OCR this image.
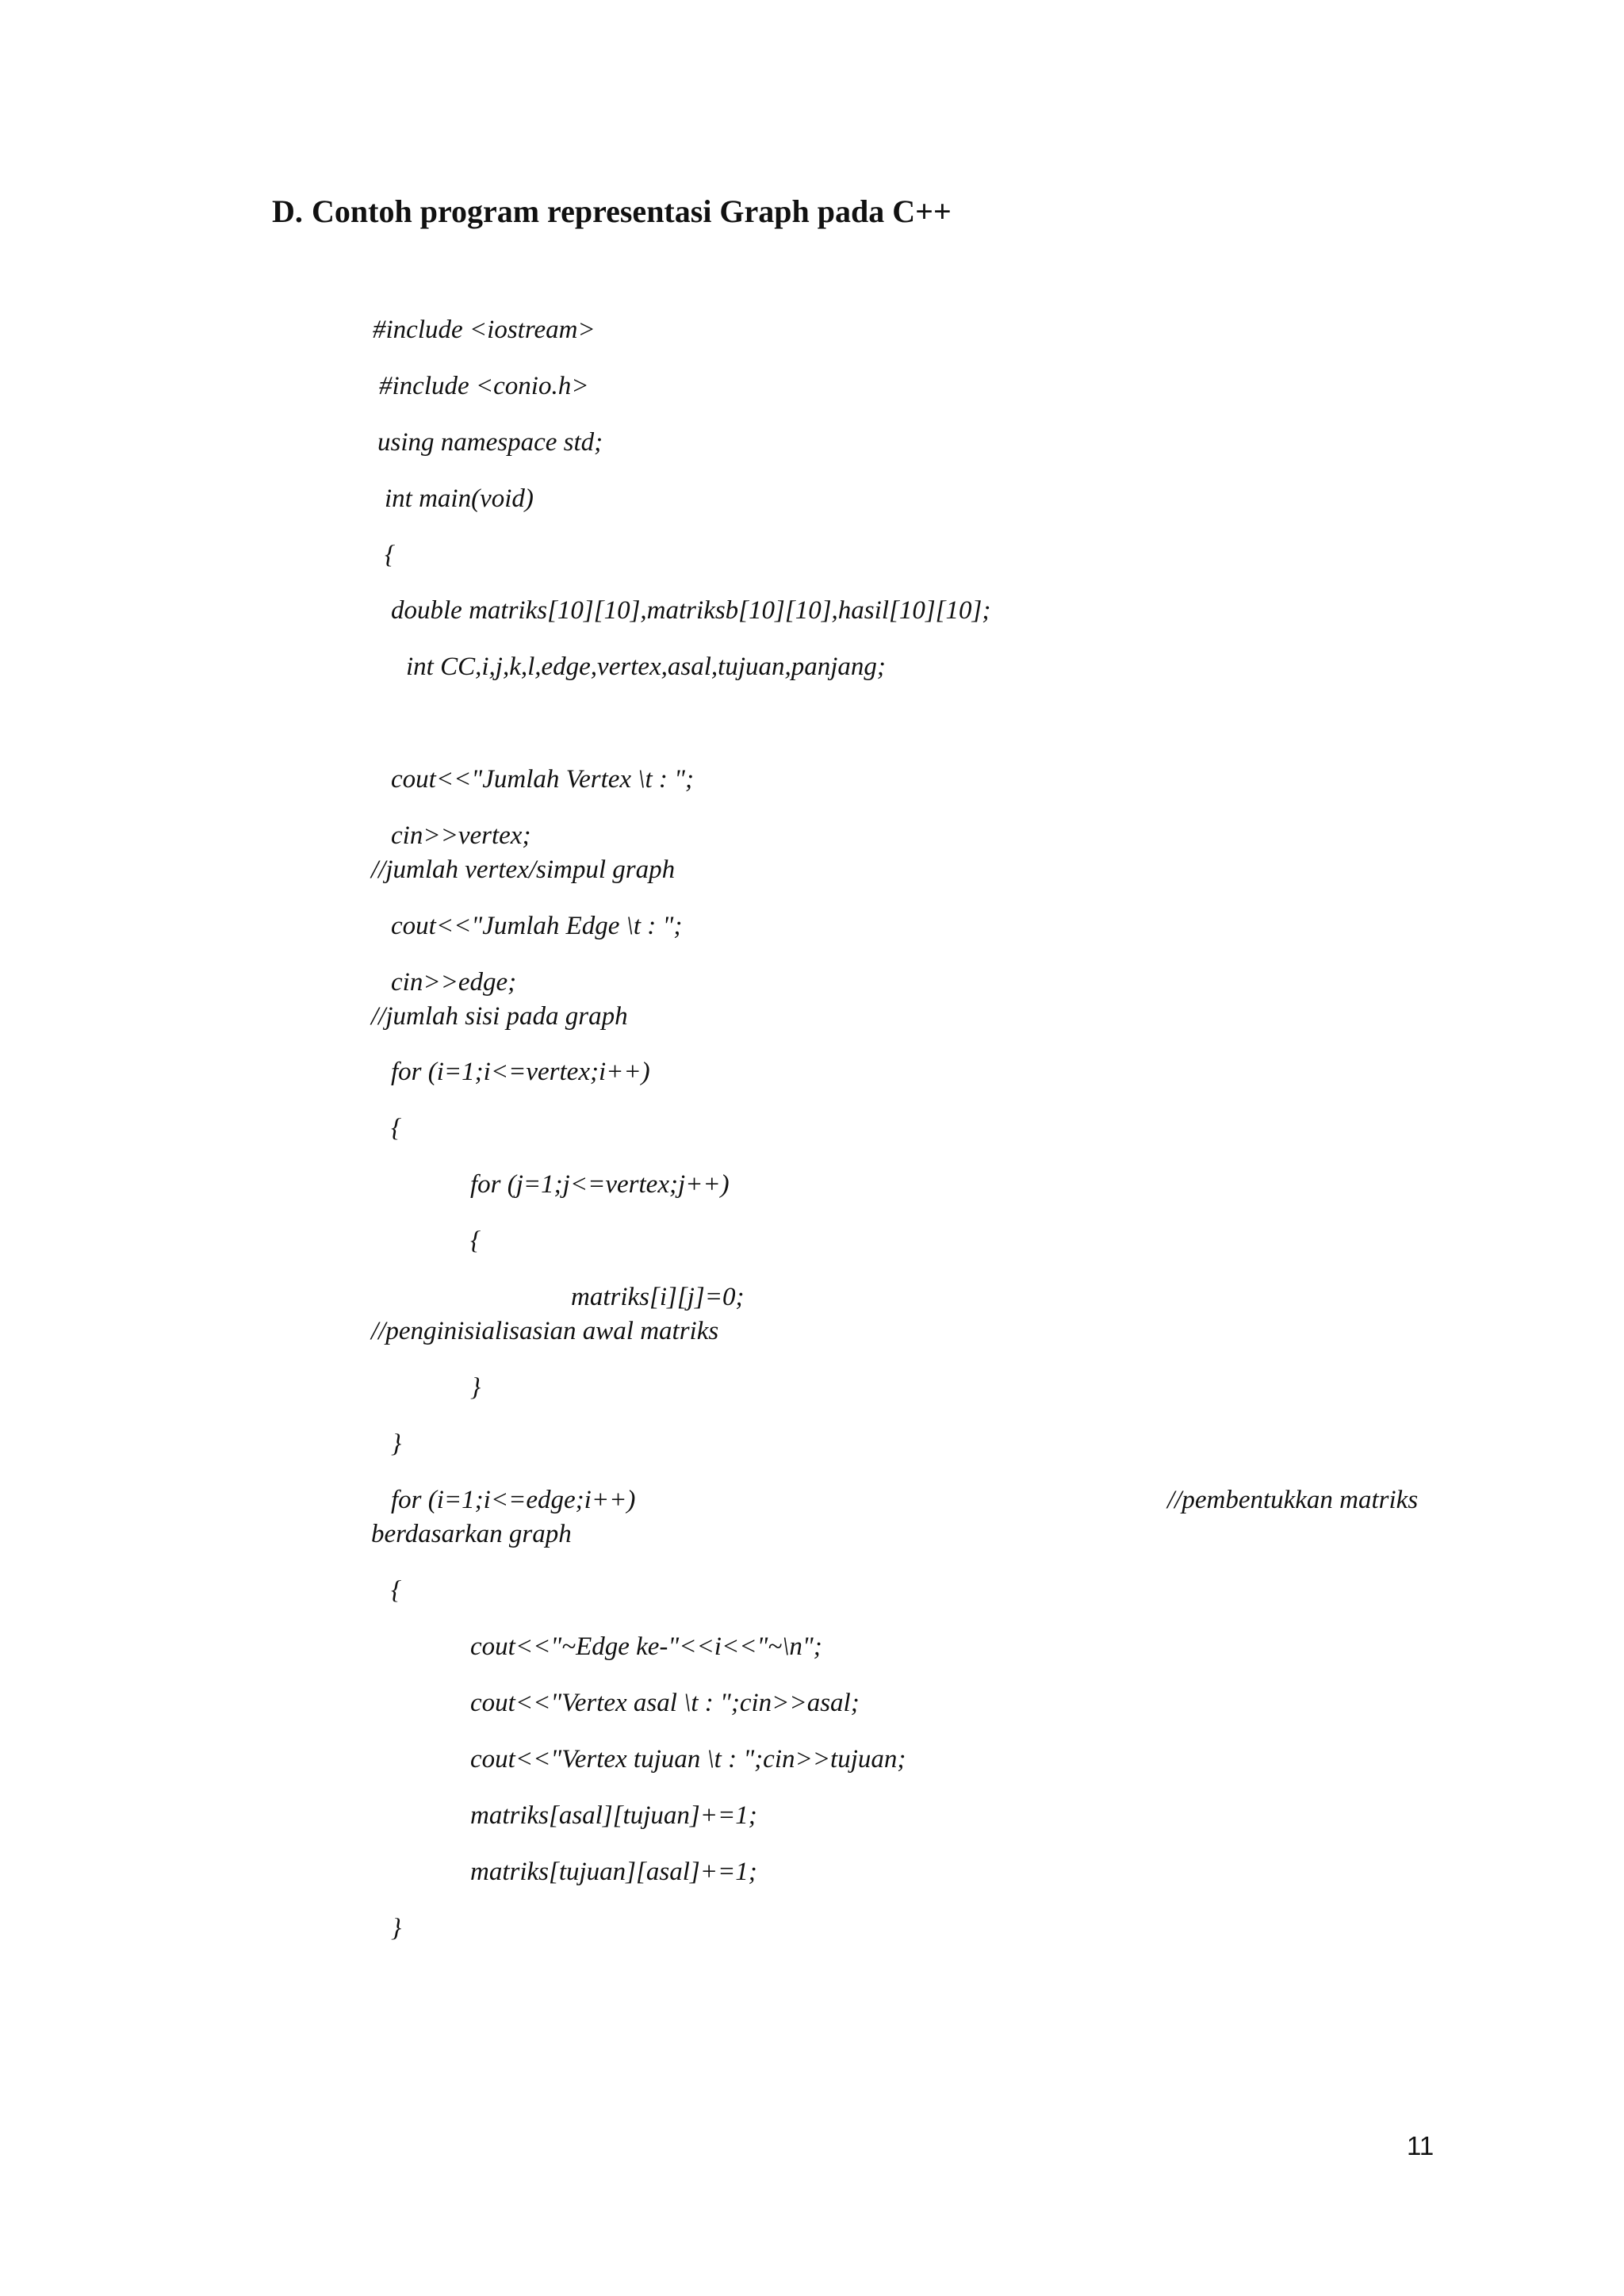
D. Contoh program representasi Graph pada C++
#include <iostream>
#include <conio.h>
using namespace std;
int main(void)
{
double matriks[10][10],matriksb[10][10],hasil[10][10];
int CC,i,j,k,l,edge,vertex,asal,tujuan,panjang;
cout<<"Jumlah Vertex \t : ";
cin>>vertex;
//jumlah vertex/simpul graph
cout<<"Jumlah Edge \t : ";
cin>>edge;
//jumlah sisi pada graph
for (i=1;i<=vertex;i++)
{
for (j=1;j<=vertex;j++)
{
matriks[i][j]=0;
//penginisialisasian awal matriks
}
}
for (i=1;i<=edge;i++)	//pembentukkan matriks
berdasarkan graph
{
cout<<"~Edge ke-"<<i<<"~\n";
cout<<"Vertex asal \t : ";cin>>asal;
cout<<"Vertex tujuan \t : ";cin>>tujuan;
matriks[asal][tujuan]+=1;
matriks[tujuan][asal]+=1;
}
11
